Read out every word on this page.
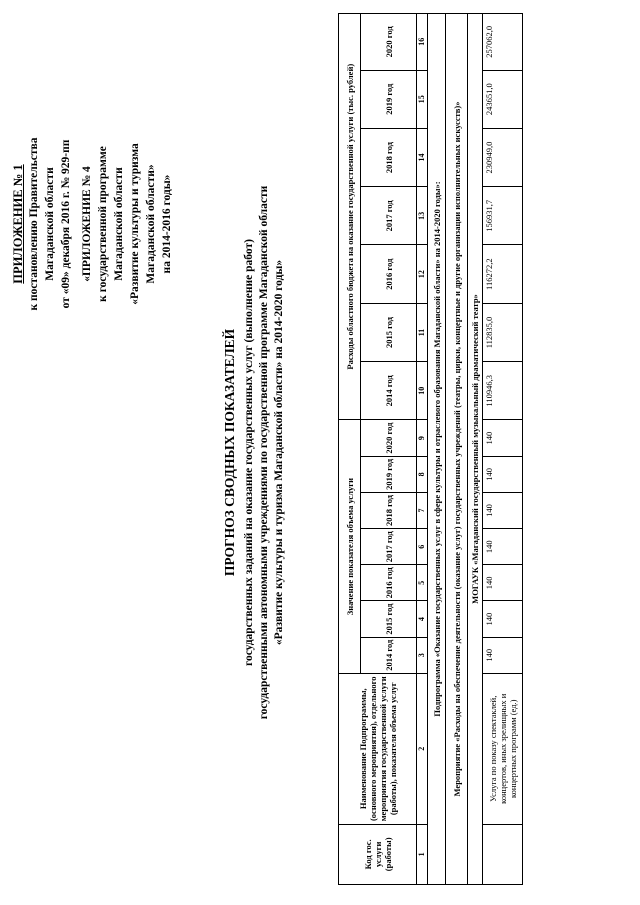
ПРИЛОЖЕНИЕ № 1 к постановлению Правительства Магаданской области от «09» декабря 2016 г. № 929-пп «ПРИЛОЖЕНИЕ № 4 к государственной программе Магаданской области «Развитие культуры и туризма Магаданской области» на 2014-2016 годы»
ПРОГНОЗ СВОДНЫХ ПОКАЗАТЕЛЕЙ государственных заданий на оказание государственных услуг (выполнение работ) государственными автономными учреждениями по государственной программе Магаданской области «Развитие культуры и туризма Магаданской области» на 2014-2020 годы»
Код гос. услуги (работы)	Наименование Подпрограммы, (основного мероприятия), отдельного мероприятия государственной услуги (работы), показателя объема услуг	Значение показателя объема услуги							Расходы областного бюджета на оказание государственной услуги (тыс. рублей)						
		2014 год	2015 год	2016 год	2017 год	2018 год	2019 год	2020 год	2014 год	2015 год	2016 год	2017 год	2018 год	2019 год	2020 год
1	2	3	4	5	6	7	8	9	10	11	12	13	14	15	16
Подпрограмма «Оказание государственных услуг в сфере культуры и отраслевого образования Магаданской области» на 2014-2020 годы»:															
Мероприятие «Расходы на обеспечение деятельности (оказание услуг) государственных учреждений (театры, цирки, концертные и другие организации исполнительных искусств)»															
МОГАУК «Магаданский государственный музыкальный драматический театр»															
	Услуга по показу спектаклей, концертов, иных зрелищных и концертных программ (ед.)	140	140	140	140	140	140	140	110946,3	112835,0	116272,2	156931,7	230949,0	243651,0	257062,0
